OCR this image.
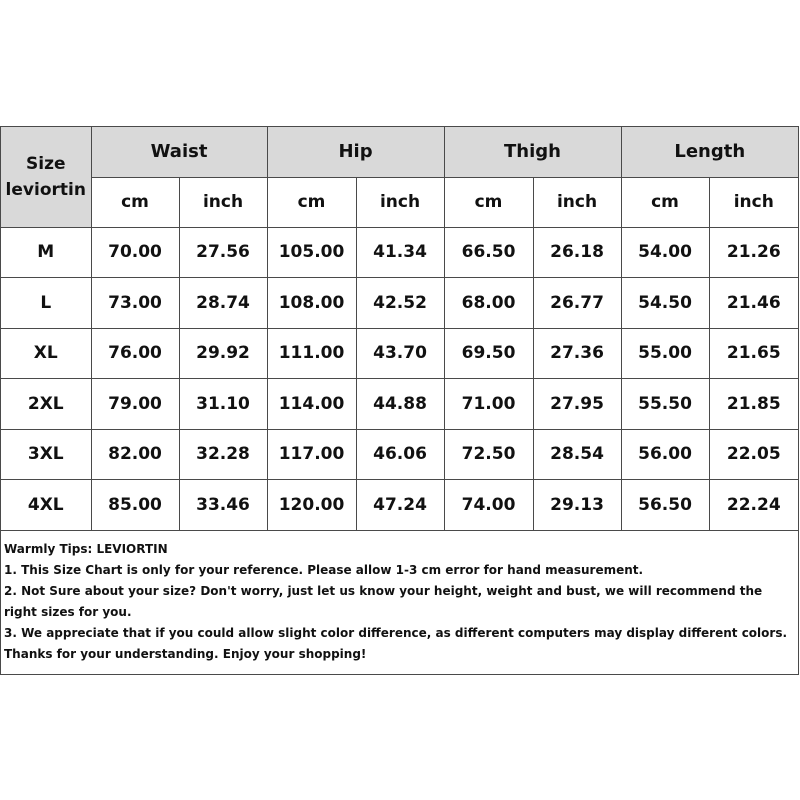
Size
leviortin	Waist		Hip		Thigh		Length	
	cm	inch	cm	inch	cm	inch	cm	inch
M	70.00	27.56	105.00	41.34	66.50	26.18	54.00	21.26
L	73.00	28.74	108.00	42.52	68.00	26.77	54.50	21.46
XL	76.00	29.92	111.00	43.70	69.50	27.36	55.00	21.65
2XL	79.00	31.10	114.00	44.88	71.00	27.95	55.50	21.85
3XL	82.00	32.28	117.00	46.06	72.50	28.54	56.00	22.05
4XL	85.00	33.46	120.00	47.24	74.00	29.13	56.50	22.24

Warmly Tips: LEVIORTIN

1. This Size Chart is only for your reference. Please allow 1-3 cm error for hand measurement.

2. Not Sure about your size? Don't worry, just let us know your height, weight and bust, we will recommend the right sizes for you.

3. We appreciate that if you could allow slight color difference, as different computers may display different colors.

Thanks for your understanding. Enjoy your shopping!
